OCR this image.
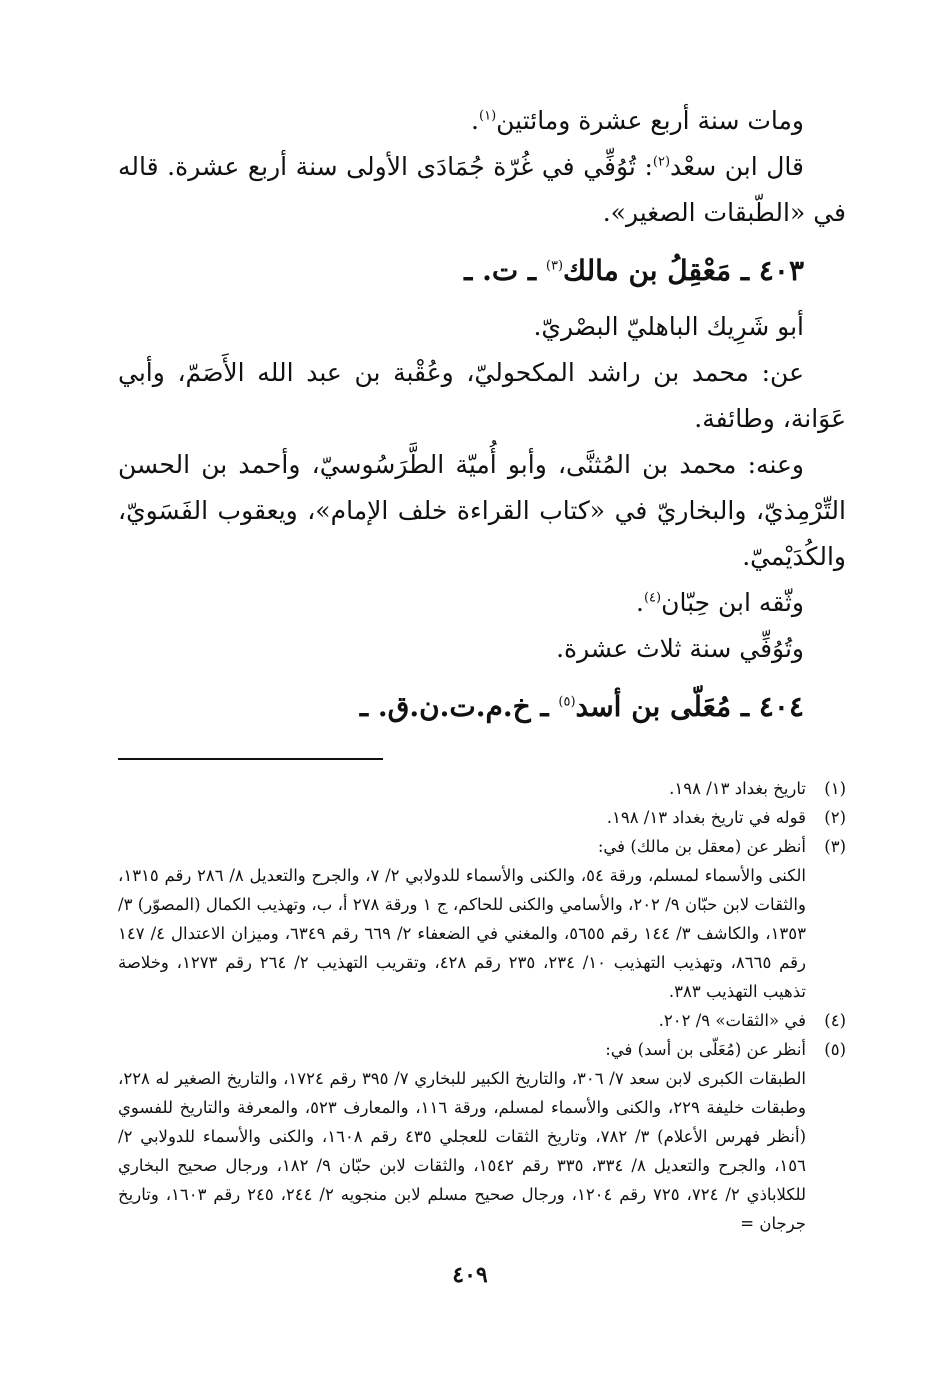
ومات سنة أربع عشرة ومائتين$^{(١)}$.

قال ابن سعْد$^{(٢)}$: تُوُفِّي في غُرّة جُمَادَى الأولى سنة أربع عشرة. قاله في «الطّبقات الصغير».

٤٠٣ ـ مَعْقِلُ بن مالك$^{(٣)}$ ـ ت. ـ

أبو شَرِيك الباهليّ البصْريّ.

عن: محمد بن راشد المكحوليّ، وعُقْبة بن عبد الله الأَصَمّ، وأبي عَوَانة، وطائفة.

وعنه: محمد بن المُثنَّى، وأبو أُميّة الطَّرَسُوسيّ، وأحمد بن الحسن التِّرْمِذيّ، والبخاريّ في «كتاب القراءة خلف الإمام»، ويعقوب الفَسَويّ، والكُدَيْميّ.

وثّقه ابن حِبّان$^{(٤)}$.

وتُوُفِّي سنة ثلاث عشرة.

٤٠٤ ـ مُعَلّى بن أسد$^{(٥)}$ ـ خ.م.ت.ن.ق. ـ
(١)
تاريخ بغداد ١٣/ ١٩٨.
(٢)
قوله في تاريخ بغداد ١٣/ ١٩٨.
(٣)
أنظر عن (معقل بن مالك) في:
الكنى والأسماء لمسلم، ورقة ٥٤، والكنى والأسماء للدولابي ٢/ ٧، والجرح والتعديل ٨/ ٢٨٦ رقم ١٣١٥، والثقات لابن حبّان ٩/ ٢٠٢، والأسامي والكنى للحاكم، ج ١ ورقة ٢٧٨ أ، ب، وتهذيب الكمال (المصوّر) ٣/ ١٣٥٣، والكاشف ٣/ ١٤٤ رقم ٥٦٥٥، والمغني في الضعفاء ٢/ ٦٦٩ رقم ٦٣٤٩، وميزان الاعتدال ٤/ ١٤٧ رقم ٨٦٦٥، وتهذيب التهذيب ١٠/ ٢٣٤، ٢٣٥ رقم ٤٢٨، وتقريب التهذيب ٢/ ٢٦٤ رقم ١٢٧٣، وخلاصة تذهيب التهذيب ٣٨٣.
(٤)
في «الثقات» ٩/ ٢٠٢.
(٥)
أنظر عن (مُعَلّى بن أسد) في:
الطبقات الكبرى لابن سعد ٧/ ٣٠٦، والتاريخ الكبير للبخاري ٧/ ٣٩٥ رقم ١٧٢٤، والتاريخ الصغير له ٢٢٨، وطبقات خليفة ٢٢٩، والكنى والأسماء لمسلم، ورقة ١١٦، والمعارف ٥٢٣، والمعرفة والتاريخ للفسوي (أنظر فهرس الأعلام) ٣/ ٧٨٢، وتاريخ الثقات للعجلي ٤٣٥ رقم ١٦٠٨، والكنى والأسماء للدولابي ٢/ ١٥٦، والجرح والتعديل ٨/ ٣٣٤، ٣٣٥ رقم ١٥٤٢، والثقات لابن حبّان ٩/ ١٨٢، ورجال صحيح البخاري للكلاباذي ٢/ ٧٢٤، ٧٢٥ رقم ١٢٠٤، ورجال صحيح مسلم لابن منجويه ٢/ ٢٤٤، ٢٤٥ رقم ١٦٠٣، وتاريخ جرجان =
٤٠٩
